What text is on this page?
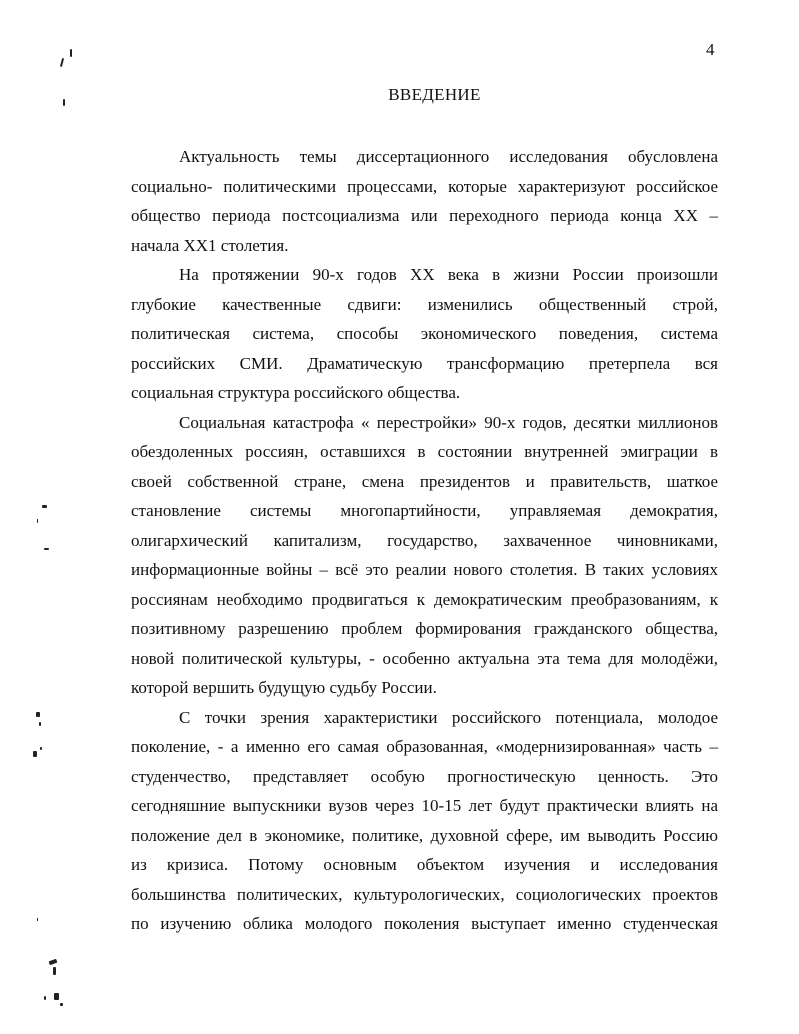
4
ВВЕДЕНИЕ

Актуальность темы диссертационного исследования обусловлена
социально- политическими процессами, которые характеризуют российское
общество периода постсоциализма или переходного периода конца XX –
начала XX1 столетия.

На протяжении 90-х годов XX века в жизни России произошли
глубокие качественные сдвиги: изменились общественный строй,
политическая система, способы экономического поведения, система
российских СМИ. Драматическую трансформацию претерпела вся
социальная структура российского общества.

Социальная катастрофа « перестройки» 90-х годов, десятки миллионов
обездоленных россиян, оставшихся в состоянии внутренней эмиграции в
своей собственной стране, смена президентов и правительств, шаткое
становление системы многопартийности, управляемая демократия,
олигархический капитализм, государство, захваченное чиновниками,
информационные войны – всё это реалии нового столетия. В таких условиях
россиянам необходимо продвигаться к демократическим преобразованиям, к
позитивному разрешению проблем формирования гражданского общества,
новой политической культуры, - особенно актуальна эта тема для молодёжи,
которой вершить будущую судьбу России.

С точки зрения характеристики российского потенциала, молодое
поколение, - а именно его самая образованная, «модернизированная» часть –
студенчество, представляет особую прогностическую ценность. Это
сегодняшние выпускники вузов через 10-15 лет будут практически влиять на
положение дел в экономике, политике, духовной сфере, им выводить Россию
из кризиса. Потому основным объектом изучения и исследования
большинства политических, культурологических, социологических проектов
по изучению облика молодого поколения выступает именно студенческая
